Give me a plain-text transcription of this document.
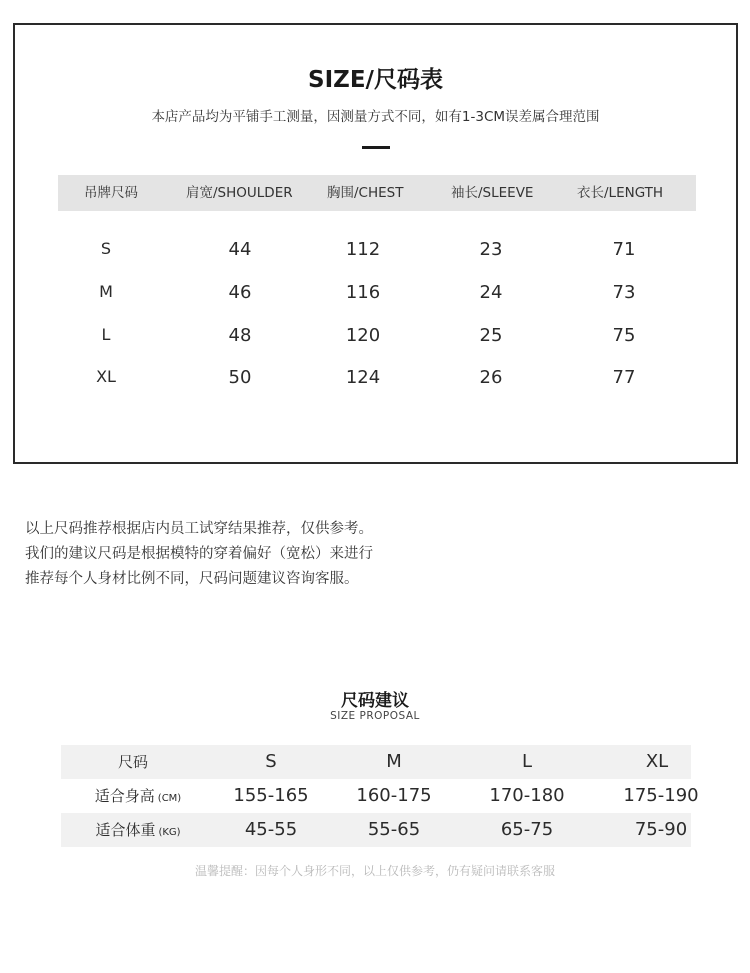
SIZE/尺码表
本店产品均为平铺手工测量，因测量方式不同，如有1-3CM误差属合理范围
吊牌尺码	肩宽/SHOULDER	胸围/CHEST	袖长/SLEEVE	衣长/LENGTH
S	44	112	23	71
M	46	116	24	73
L	48	120	25	75
XL	50	124	26	77

以上尺码推荐根据店内员工试穿结果推荐，仅供参考。

我们的建议尺码是根据模特的穿着偏好（宽松）来进行

推荐每个人身材比例不同，尺码问题建议咨询客服。

尺码建议
SIZE PROPOSAL
尺码	S	M	L	XL
适合身高 (CM)	155-165	160-175	170-180	175-190
适合体重 (KG)	45-55	55-65	65-75	75-90
温馨提醒：因每个人身形不同，以上仅供参考，仍有疑问请联系客服
